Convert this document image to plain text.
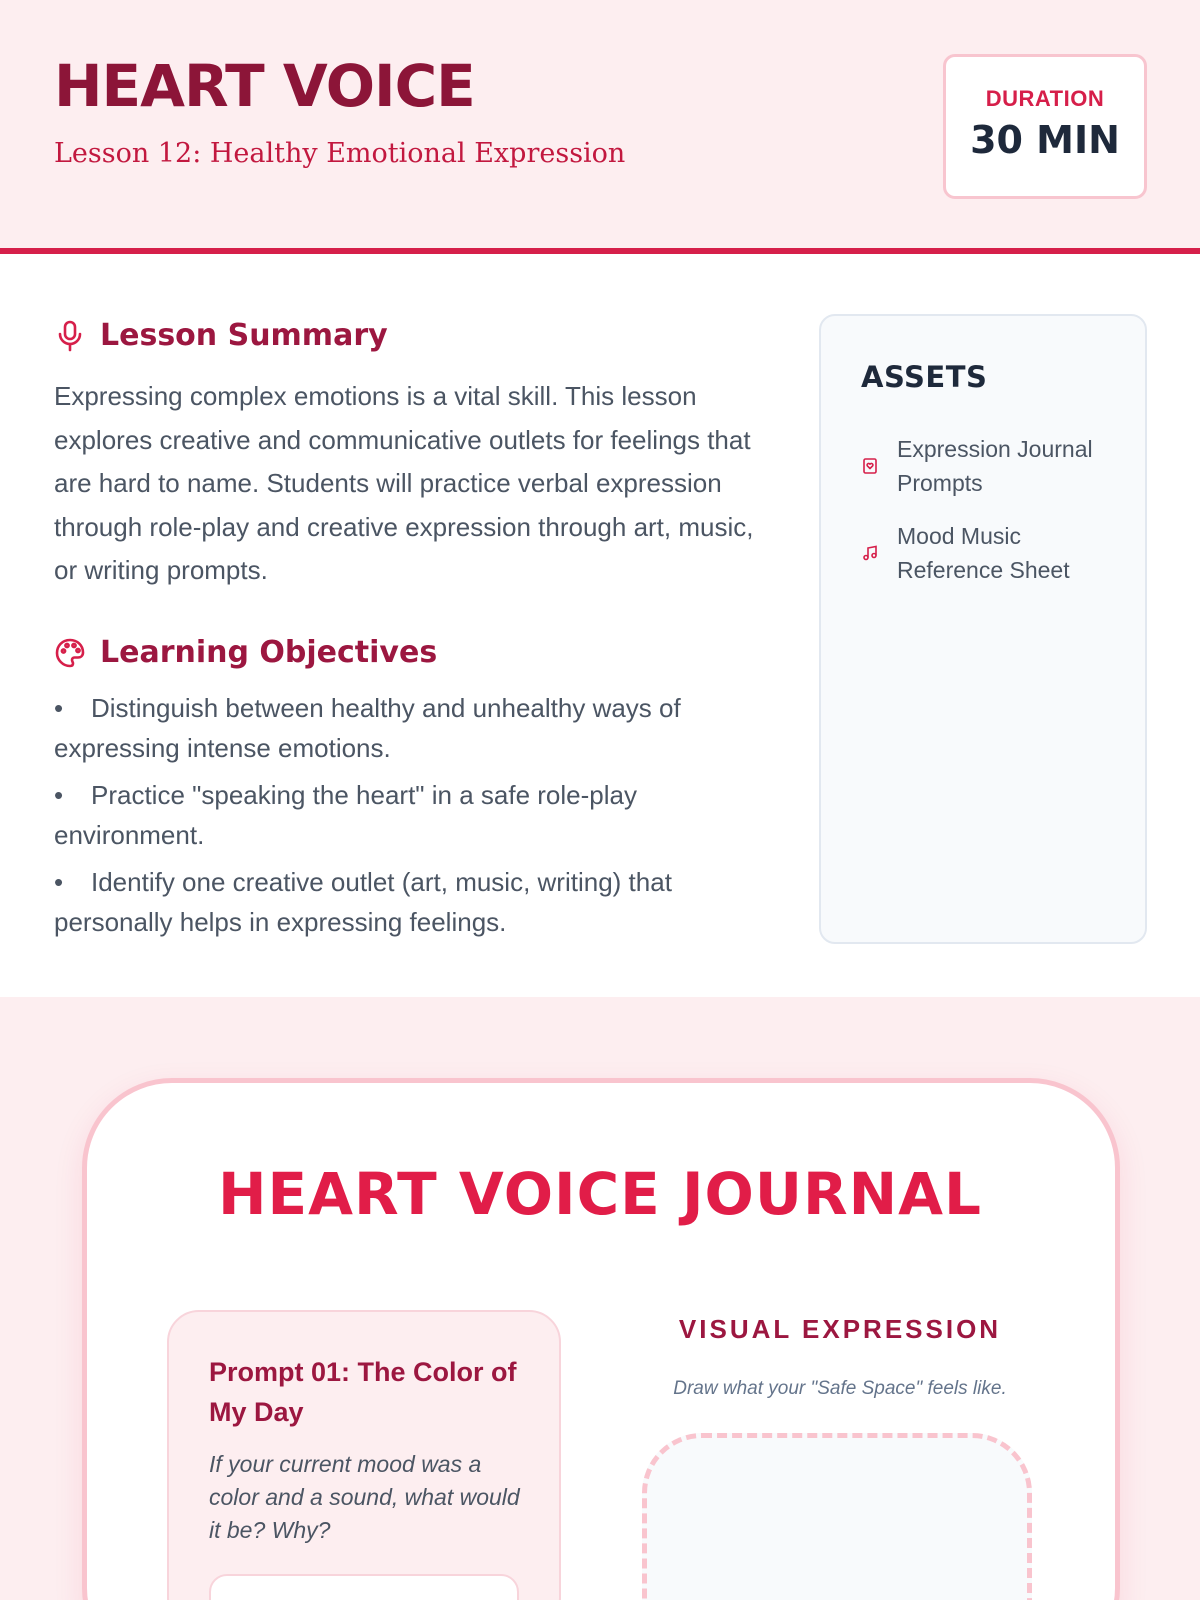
HEART VOICE
Lesson 12: Healthy Emotional Expression
DURATION
30 MIN
Lesson Summary
Expressing complex emotions is a vital skill. This lesson explores creative and communicative outlets for feelings that are hard to name. Students will practice verbal expression through role-play and creative expression through art, music, or writing prompts.
Learning Objectives
• Distinguish between healthy and unhealthy ways of expressing intense emotions.
• Practice "speaking the heart" in a safe role-play environment.
• Identify one creative outlet (art, music, writing) that personally helps in expressing feelings.
ASSETS
Expression Journal Prompts
Mood Music Reference Sheet
HEART VOICE JOURNAL
Prompt 01: The Color of My Day
If your current mood was a color and a sound, what would it be? Why?
VISUAL EXPRESSION
Draw what your "Safe Space" feels like.
